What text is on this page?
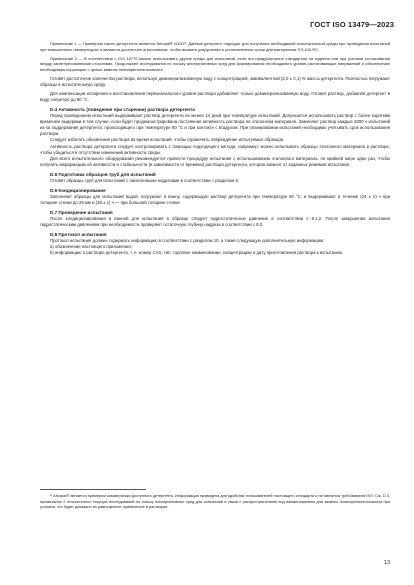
ГОСТ ISO 13479—2023

Примечание 1 — Примером такого детергента является Arkopal® N100¹⁾. Данный детергент подходит для получения необходимой испытательной среды при проведении испытаний при повышенных температурах и является достаточно агрессивным, чтобы вызвать разрушения в установленные сроки для материалов ПЭ 100-RC.

Примечание 2 — В соответствии с ISO 16770 можно использовать другие среды для испытаний, если это предусмотрено стандартом на изделие или при условии согласования между заинтересованными сторонами. Продолжают исследования по поиску альтернативных сред для формирования необходимого уровня растягивающих напряжений и обеспечению необходимую коррекцию с целью замены нонилфенолэтоксилата.

Готовят достаточное количество раствора, используя деминерализованную воду с концентрацией, эквивалентной (2,0 ± 0,1) % массы детергента. Полностью погружают образцы в испытательную среду.

Для компенсации испарения и восстановления первоначального уровня раствора добавляют только деминерализованную воду. Готовят раствор, добавляя детергент в воду, нагретую до 80 °С.

D.4 Активность (поведение при старении) раствора детергента

Перед проведением испытаний выдерживают раствор детергента не менее 14 дней при температуре испытаний. Допускается использовать раствор с более коротким временем выдержки в том случае, если будет продемонстрирована постоянная активность раствора на эталонном материале. Заменяют раствор каждые 2000 ч испытаний из-за поддержания детергента, происходящего при температуре 80 °С и при контакте с воздухом. При планировании испытаний необходимо учитывать срок использования раствора.

Следует избегать обновления раствора во время испытаний, чтобы ограничить повреждение испытуемых образцов.

Активность раствора детергента следует контролировать с помощью подходящего метода, например: можно испытывать образцы эталонного материала в растворе, чтобы убедиться в отсутствии изменений активности среды.

Для всего испытательного оборудования рекомендуется провести процедуру испытания с использованием эталонного материала, по крайней мере один раз, чтобы получить информацию об активности и стабильности (в зависимости от времени) раствора детергента, которая зависит от заданных режимов испытания.

D.5 Подготовка образцов труб для испытаний

Готовят образцы труб для испытаний с нанесенными надрезами в соответствии с разделом 6.

D.6 Кондиционирование

Заполняют образцы для испытаний водой, погружают в ванну, содержащую раствор детергента при температуре 80 °С, и выдерживают в течение (24 ± 1) ч при толщине стенки до 25 мм и (48 ± 1) ч — при большей толщине стенки.

D.7 Проведение испытания

После кондиционирования в ванной для испытания в образце следует гидростатическое давление в соответствии с 9.1.2. После завершения испытания гидростатическим давлением при необходимости проверяют остаточную глубину надреза в соответствии с 9.2.

D.8 Протокол испытания

Протокол испытания должен содержать информацию в соответствии с разделом 10, а также следующую дополнительную информацию:

a) обозначение настоящего приложения;

b) информацию о растворе детергента, т. е. номер CAS, тип, торговое наименование, концентрацию и дату приготовления раствора к испытанию.

¹⁾ Arkopal® является примером коммерчески доступного детергента. Информация приведена для удобства пользователей настоящего стандарта и не является требованием ISO. См. D.3, примечание 2 относительно текущих исследований по поиску альтернативных сред для испытаний в связи с распространением под наименованием для замены нонилфенолэтоксилата при условии, что будет доказано их равноценное применение в растворах.

13
